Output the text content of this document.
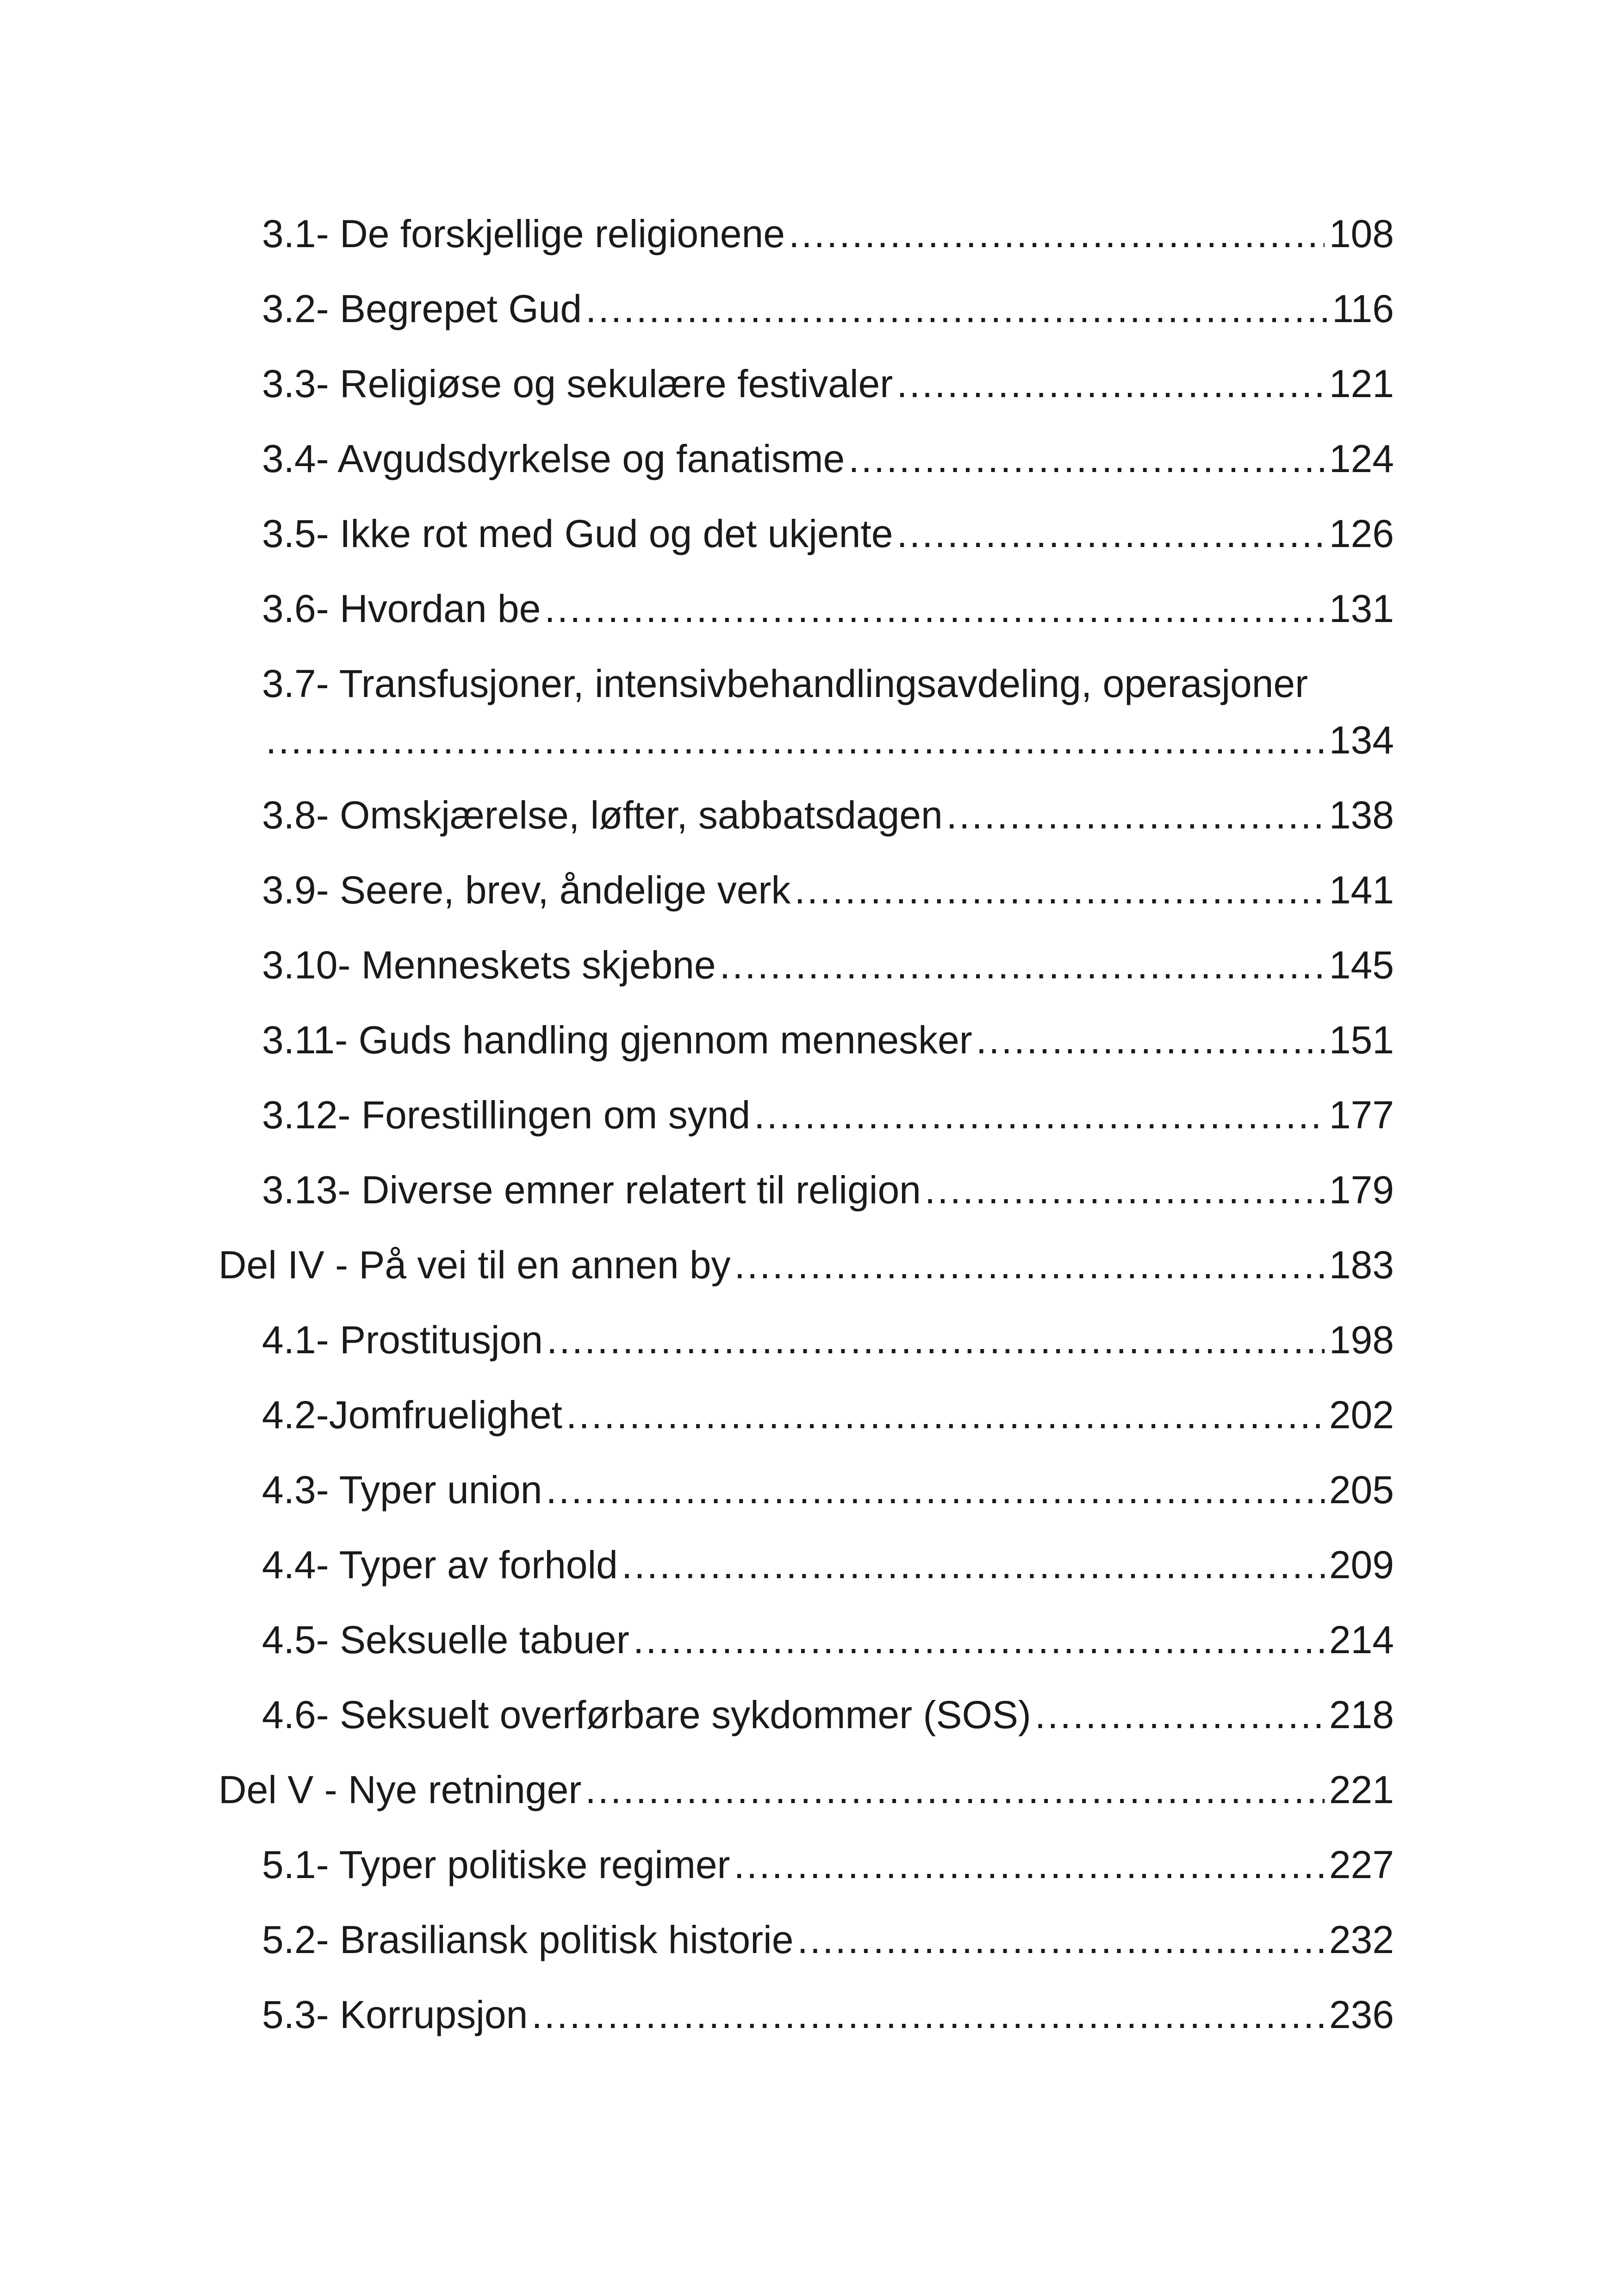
3.1- De forskjellige religionene .....	108
3.2- Begrepet Gud .....	116
3.3- Religiøse og sekulære festivaler .....	121
3.4- Avgudsdyrkelse og fanatisme .....	124
3.5- Ikke rot med Gud og det ukjente .....	126
3.6- Hvordan be .....	131
3.7- Transfusjoner, intensivbehandlingsavdeling, operasjoner
.....
134
3.8- Omskjærelse, løfter, sabbatsdagen .....	138
3.9- Seere, brev, åndelige verk .....	141
3.10- Menneskets skjebne .....	145
3.11- Guds handling gjennom mennesker .....	151
3.12- Forestillingen om synd .....	177
3.13- Diverse emner relatert til religion .....	179
Del IV - På vei til en annen by .....	183
4.1- Prostitusjon .....	198
4.2-Jomfruelighet .....	202
4.3- Typer union .....	205
4.4- Typer av forhold .....	209
4.5- Seksuelle tabuer .....	214
4.6- Seksuelt overførbare sykdommer (SOS) .....	218
Del V - Nye retninger .....	221
5.1- Typer politiske regimer .....	227
5.2- Brasiliansk politisk historie .....	232
5.3- Korrupsjon .....	236
